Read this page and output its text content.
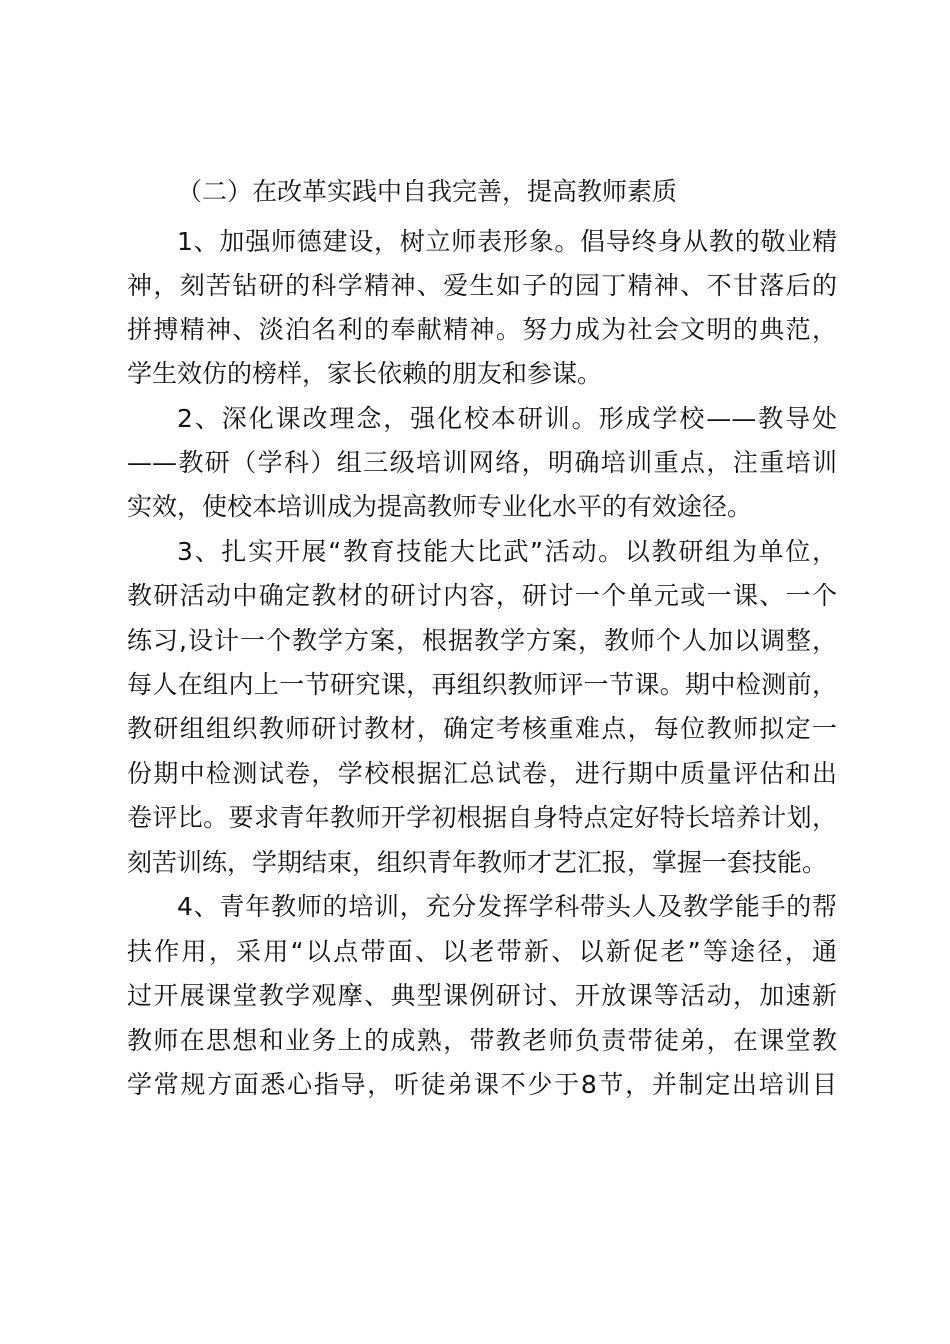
（二）在改革实践中自我完善，提高教师素质
1、加强师德建设，树立师表形象。倡导终身从教的敬业精
神，刻苦钻研的科学精神、爱生如子的园丁精神、不甘落后的
拼搏精神、淡泊名利的奉献精神。努力成为社会文明的典范，
学生效仿的榜样，家长依赖的朋友和参谋。
2、深化课改理念，强化校本研训。形成学校——教导处
——教研（学科）组三级培训网络，明确培训重点，注重培训
实效，使校本培训成为提高教师专业化水平的有效途径。
3、扎实开展“教育技能大比武”活动。以教研组为单位，
教研活动中确定教材的研讨内容，研讨一个单元或一课、一个
练习,设计一个教学方案，根据教学方案，教师个人加以调整，
每人在组内上一节研究课，再组织教师评一节课。期中检测前，
教研组组织教师研讨教材，确定考核重难点，每位教师拟定一
份期中检测试卷，学校根据汇总试卷，进行期中质量评估和出
卷评比。要求青年教师开学初根据自身特点定好特长培养计划，
刻苦训练，学期结束，组织青年教师才艺汇报，掌握一套技能。
4、青年教师的培训，充分发挥学科带头人及教学能手的帮
扶作用，采用“以点带面、以老带新、以新促老”等途径，通
过开展课堂教学观摩、典型课例研讨、开放课等活动，加速新
教师在思想和业务上的成熟，带教老师负责带徒弟，在课堂教
学常规方面悉心指导，听徒弟课不少于8节，并制定出培训目
